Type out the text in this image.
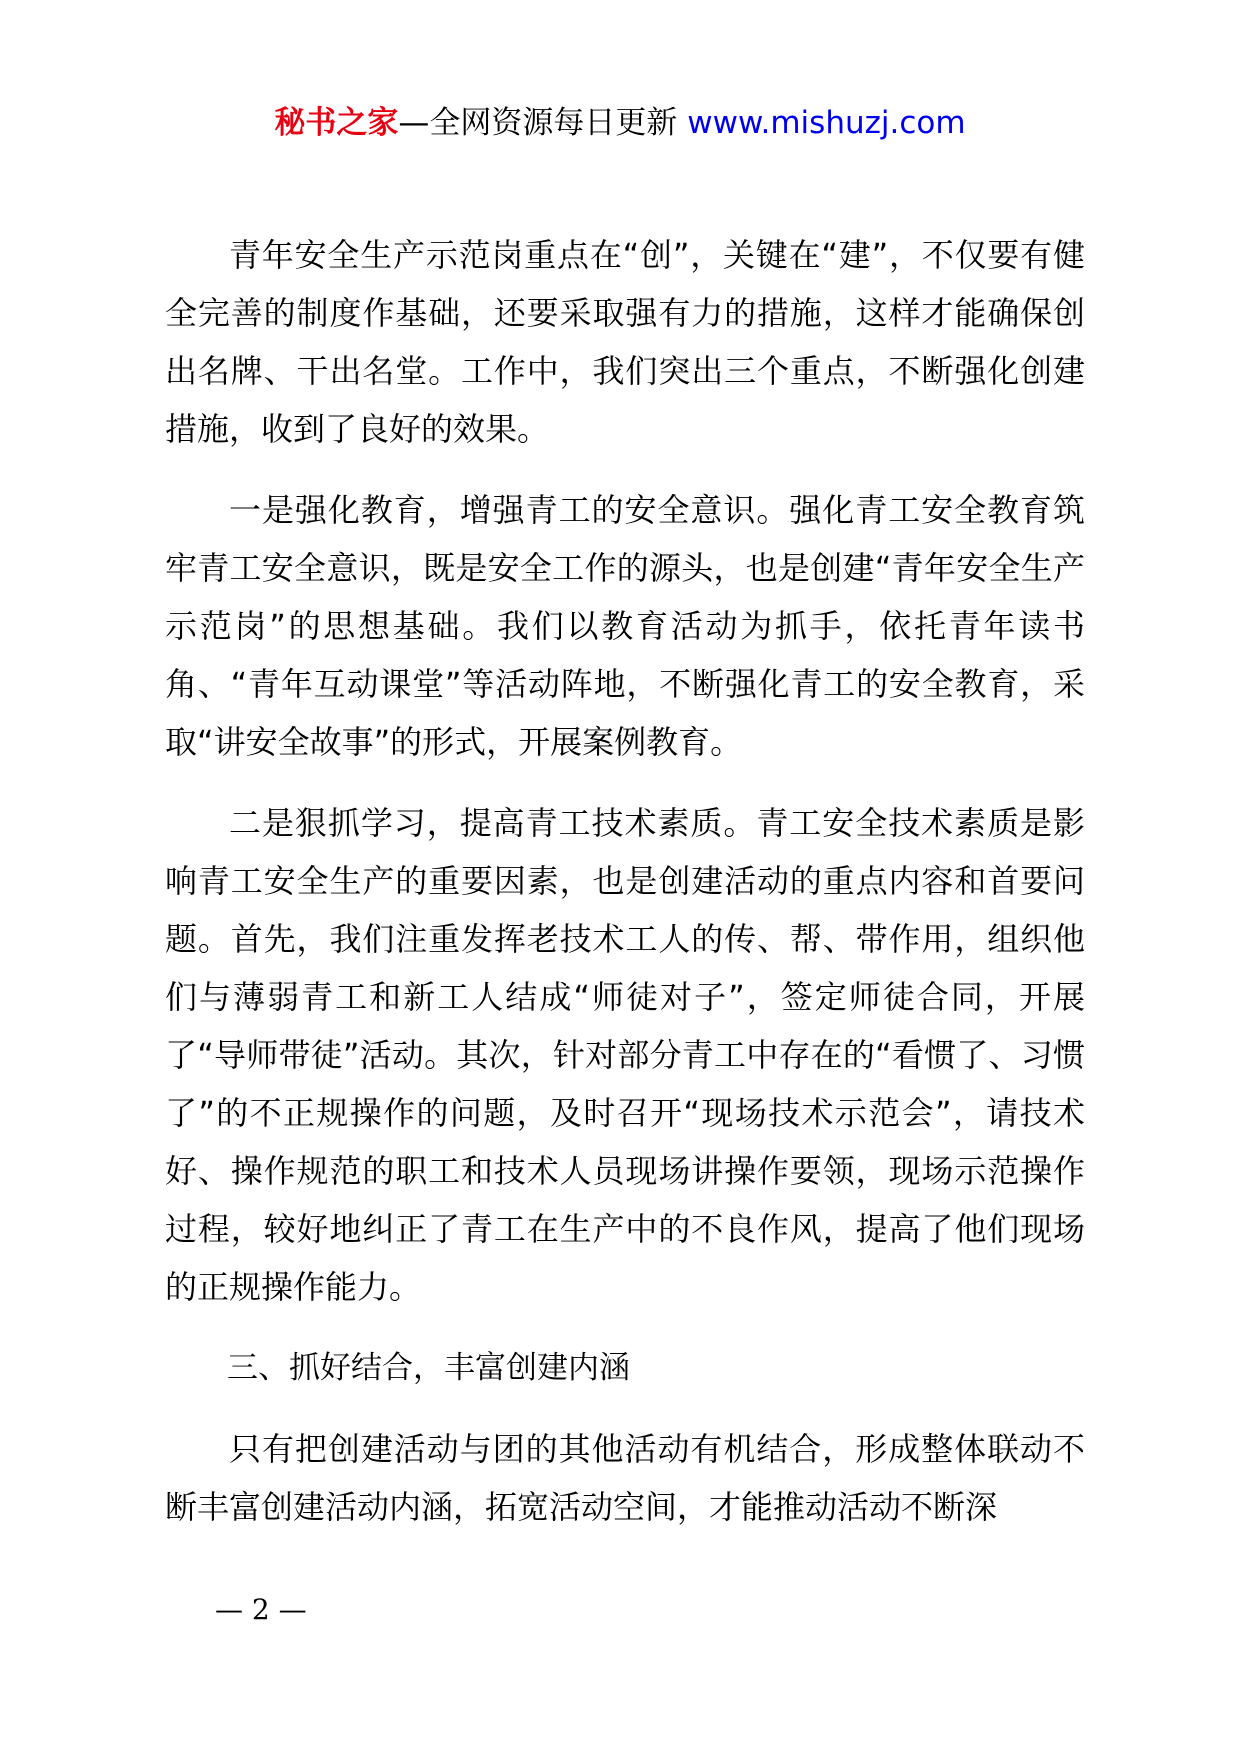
秘书之家—全网资源每日更新 www.mishuzj.com

青年安全生产示范岗重点在“创”，关键在“建”，不仅要有健全完善的制度作基础，还要采取强有力的措施，这样才能确保创出名牌、干出名堂。工作中，我们突出三个重点，不断强化创建措施，收到了良好的效果。

一是强化教育，增强青工的安全意识。强化青工安全教育筑牢青工安全意识，既是安全工作的源头，也是创建“青年安全生产示范岗”的思想基础。我们以教育活动为抓手，依托青年读书角、“青年互动课堂”等活动阵地，不断强化青工的安全教育，采取“讲安全故事”的形式，开展案例教育。

二是狠抓学习，提高青工技术素质。青工安全技术素质是影响青工安全生产的重要因素，也是创建活动的重点内容和首要问题。首先，我们注重发挥老技术工人的传、帮、带作用，组织他们与薄弱青工和新工人结成“师徒对子”，签定师徒合同，开展了“导师带徒”活动。其次，针对部分青工中存在的“看惯了、习惯了”的不正规操作的问题，及时召开“现场技术示范会”，请技术好、操作规范的职工和技术人员现场讲操作要领，现场示范操作过程，较好地纠正了青工在生产中的不良作风，提高了他们现场的正规操作能力。

三、抓好结合，丰富创建内涵

只有把创建活动与团的其他活动有机结合，形成整体联动不断丰富创建活动内涵，拓宽活动空间，才能推动活动不断深

— 2 —
